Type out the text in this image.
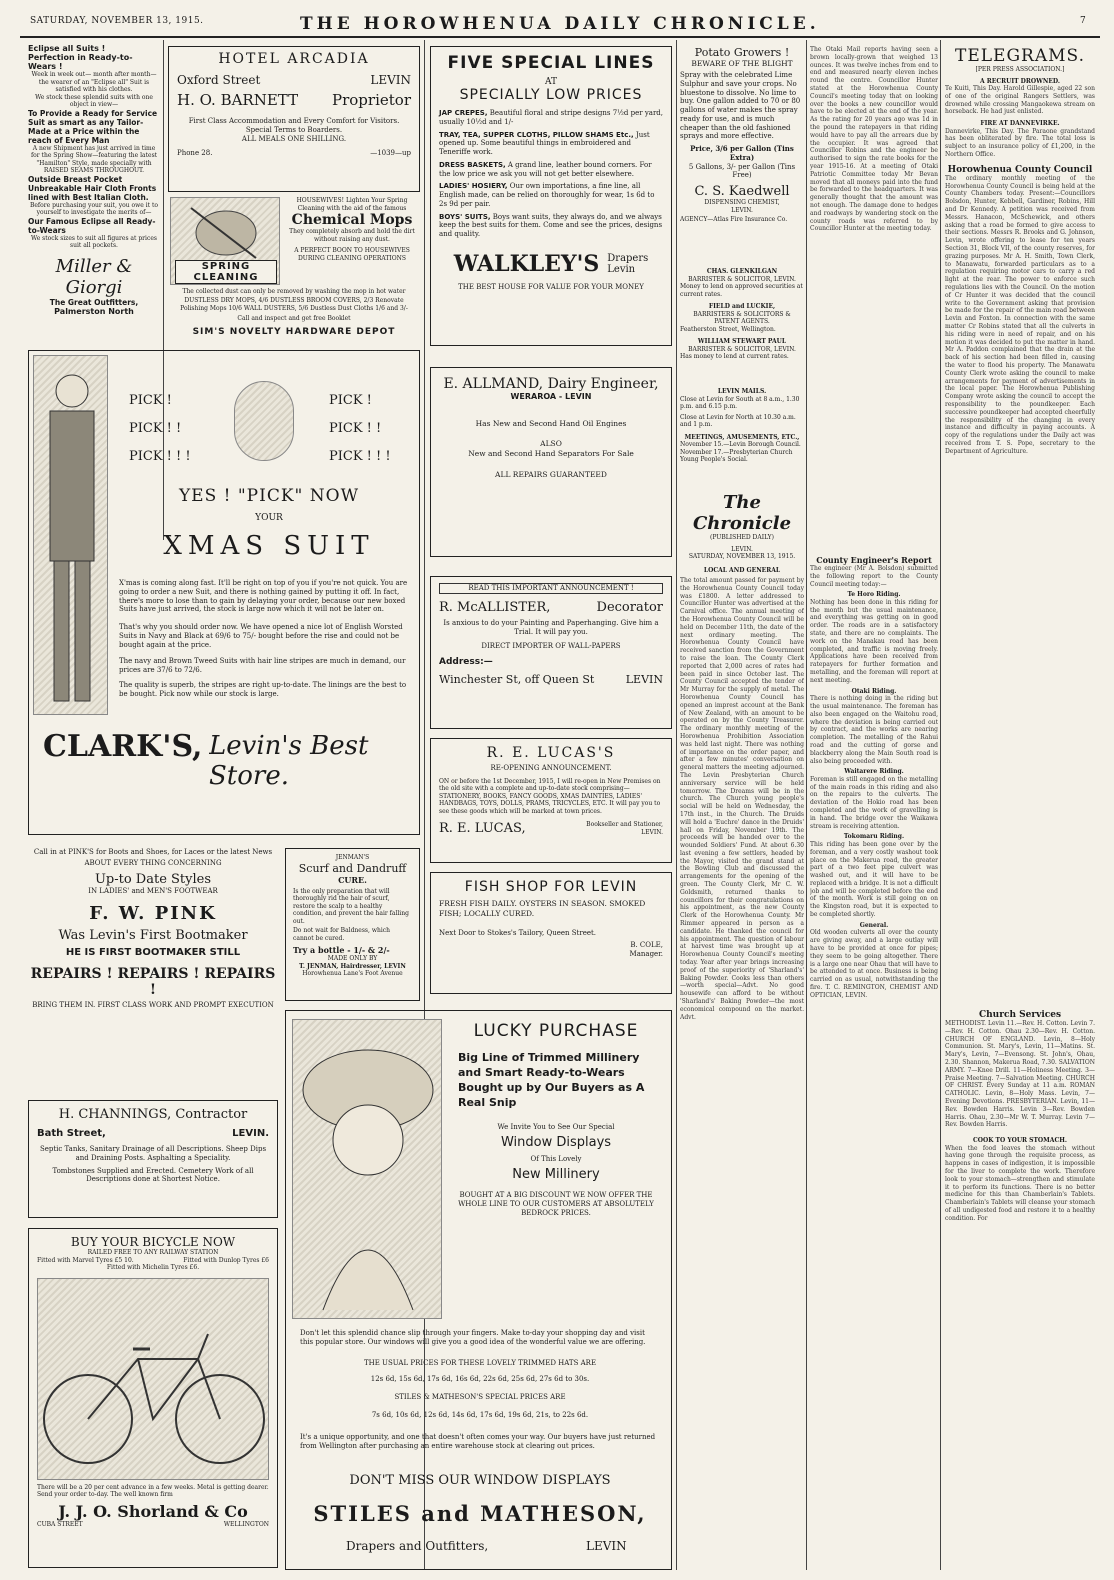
SATURDAY, NOVEMBER 13, 1915.	THE HOROWHENUA DAILY CHRONICLE.	7
Eclipse all Suits !
Perfection in Ready-to-Wears !
Week in week out— month after month—the wearer of an "Eclipse all" Suit is satisfied with his clothes.
We stock these splendid suits with one object in view—
To Provide a Ready for Service Suit as smart as any Tailor-Made at a Price within the reach of Every Man
A new Shipment has just arrived in time for the Spring Show—featuring the latest "Hamilton" Style, made specially with RAISED SEAMS THROUGHOUT.
Outside Breast Pocket Unbreakable Hair Cloth Fronts lined with Best Italian Cloth.
Before purchasing your suit, you owe it to yourself to investigate the merits of—
Our Famous Eclipse all Ready-to-Wears
We stock sizes to suit all figures at prices suit all pockets.
Miller & Giorgi
The Great Outfitters,
Palmerston North
HOTEL ARCADIA
Oxford Street	LEVIN
H. O. BARNETT Proprietor
First Class Accommodation and Every Comfort for Visitors. Special Terms to Boarders.
ALL MEALS ONE SHILLING.
Phone 28.	—1039—up
SPRING CLEANING
HOUSEWIVES! Lighten Your Spring Cleaning with the aid of the famous
Chemical Mops
They completely absorb and hold the dirt without raising any dust.
A PERFECT BOON TO HOUSEWIVES DURING CLEANING OPERATIONS
The collected dust can only be removed by washing the mop in hot water
DUSTLESS DRY MOPS, 4/6 DUSTLESS BROOM COVERS, 2/3 Renovate Polishing Mops 10/6 WALL DUSTERS, 5/6 Dustless Dust Cloths 1/6 and 3/-
Call and inspect and get free Booklet
SIM'S NOVELTY HARDWARE DEPOT
FIVE SPECIAL LINES
AT
SPECIALLY LOW PRICES
JAP CREPES, Beautiful floral and stripe designs 7½d per yard, usually 10½d and 1/-
TRAY, TEA, SUPPER CLOTHS, PILLOW SHAMS Etc., Just opened up. Some beautiful things in embroidered and Teneriffe work.
DRESS BASKETS, A grand line, leather bound corners. For the low price we ask you will not get better elsewhere.
LADIES' HOSIERY, Our own importations, a fine line, all English made, can be relied on thoroughly for wear, 1s 6d to 2s 9d per pair.
BOYS' SUITS, Boys want suits, they always do, and we always keep the best suits for them. Come and see the prices, designs and quality.
WALKLEY'S Drapers
Levin
THE BEST HOUSE FOR VALUE FOR YOUR MONEY
Potato Growers !
BEWARE OF THE BLIGHT
Spray with the celebrated Lime Sulphur and save your crops. No bluestone to dissolve. No lime to buy. One gallon added to 70 or 80 gallons of water makes the spray ready for use, and is much cheaper than the old fashioned sprays and more effective.
Price, 3/6 per Gallon (Tins Extra)
5 Gallons, 3/- per Gallon (Tins Free)
C. S. Kaedwell
DISPENSING CHEMIST,
LEVIN.
AGENCY—Atlas Fire Insurance Co.
CHAS. GLENKILGAN
BARRISTER & SOLICITOR, LEVIN.
Money to lend on approved securities at current rates.
FIELD and LUCKIE,
BARRISTERS & SOLICITORS & PATENT AGENTS.
Featherston Street, Wellington.
WILLIAM STEWART PAUL
BARRISTER & SOLICITOR, LEVIN.
Has money to lend at current rates.
LEVIN MAILS.
Close at Levin for South at 8 a.m., 1.30 p.m. and 6.15 p.m.
Close at Levin for North at 10.30 a.m. and 1 p.m.
MEETINGS, AMUSEMENTS, ETC.,
November 15.—Levin Borough Council. November 17.—Presbyterian Church Young People's Social.
The Chronicle
(PUBLISHED DAILY)
LEVIN.
SATURDAY, NOVEMBER 13, 1915.
LOCAL AND GENERAL
The total amount passed for payment by the Horowhenua County Council today was £1800. A letter addressed to Councillor Hunter was advertised at the Carnival office. The annual meeting of the Horowhenua County Council will be held on December 11th, the date of the next ordinary meeting. The Horowhenua County Council have received sanction from the Government to raise the loan. The County Clerk reported that 2,000 acres of rates had been paid in since October last. The County Council accepted the tender of Mr Murray for the supply of metal. The Horowhenua County Council has opened an imprest account at the Bank of New Zealand, with an amount to be operated on by the County Treasurer. The ordinary monthly meeting of the Horowhenua Prohibition Association was held last night. There was nothing of importance on the order paper, and after a few minutes' conversation on general matters the meeting adjourned. The Levin Presbyterian Church anniversary service will be held tomorrow. The Dreams will be in the church. The Church young people's social will be held on Wednesday, the 17th inst., in the Church. The Druids will hold a 'Euchre' dance in the Druids' hall on Friday, November 19th. The proceeds will be handed over to the wounded Soldiers' Fund. At about 6.30 last evening a few settlers, headed by the Mayor, visited the grand stand at the Bowling Club and discussed the arrangements for the opening of the green. The County Clerk, Mr C. W. Goldsmith, returned thanks to councillors for their congratulations on his appointment, as the new County Clerk of the Horowhenua County. Mr Rimmer appeared in person as a candidate. He thanked the council for his appointment. The question of labour at harvest time was brought up at Horowhenua County Council's meeting today. Year after year brings increasing proof of the superiority of 'Sharland's' Baking Powder. Cooks less than others—worth special—Advt. No good housewife can afford to be without 'Sharland's' Baking Powder—the most economical compound on the market. Advt.
The Otaki Mail reports having seen a brown locally-grown that weighed 13 ounces. It was twelve inches from end to end and measured nearly eleven inches round the centre. Councillor Hunter stated at the Horowhenua County Council's meeting today that on looking over the books a new councillor would have to be elected at the end of the year. As the rating for 20 years ago was 1d in the pound the ratepayers in that riding would have to pay all the arrears due by the occupier. It was agreed that Councillor Robins and the engineer be authorised to sign the rate books for the year 1915-16. At a meeting of Otaki Patriotic Committee today Mr Bevan moved that all moneys paid into the fund be forwarded to the headquarters. It was generally thought that the amount was not enough. The damage done to hedges and roadways by wandering stock on the county roads was referred to by Councillor Hunter at the meeting today.
County Engineer's Report
The engineer (Mr A. Bolsdon) submitted the following report to the County Council meeting today:—
Te Horo Riding.
Nothing has been done in this riding for the month but the usual maintenance, and everything was getting on in good order. The roads are in a satisfactory state, and there are no complaints. The work on the Manakau road has been completed, and traffic is moving freely. Applications have been received from ratepayers for further formation and metalling, and the foreman will report at next meeting.
Otaki Riding.
There is nothing doing in the riding but the usual maintenance. The foreman has also been engaged on the Waitohu road, where the deviation is being carried out by contract, and the works are nearing completion. The metalling of the Rahui road and the cutting of gorse and blackberry along the Main South road is also being proceeded with.
Waitarere Riding.
Foreman is still engaged on the metalling of the main roads in this riding and also on the repairs to the culverts. The deviation of the Hokio road has been completed and the work of gravelling is in hand. The bridge over the Waikawa stream is receiving attention.
Tokomaru Riding.
This riding has been gone over by the foreman, and a very costly washout took place on the Makerua road, the greater part of a two feet pipe culvert was washed out, and it will have to be replaced with a bridge. It is not a difficult job and will be completed before the end of the month. Work is still going on on the Kingston road, but it is expected to be completed shortly.
General.
Old wooden culverts all over the county are giving away, and a large outlay will have to be provided at once for pipes; they seem to be going altogether. There is a large one near Ohau that will have to be attended to at once. Business is being carried on as usual, notwithstanding the fire. T. C. REMINGTON, CHEMIST AND OPTICIAN, LEVIN.
TELEGRAMS.
[PER PRESS ASSOCIATION.]
A RECRUIT DROWNED.
Te Kuiti, This Day. Harold Gillespie, aged 22 son of one of the original Rangers Settlers, was drowned while crossing Mangaokewa stream on horseback. He had just enlisted.
FIRE AT DANNEVIRKE.
Dannevirke, This Day. The Paraone grandstand has been obliterated by fire. The total loss is subject to an insurance policy of £1,200, in the Northern Office.
Horowhenua County Council
The ordinary monthly meeting of the Horowhenua County Council is being held at the County Chambers today. Present:—Councillors Bolsdon, Hunter, Kebbell, Gardiner, Robins, Hill and Dr Kennedy. A petition was received from Messrs. Hanacon, McSchewick, and others asking that a road be formed to give access to their sections. Messrs R. Brooks and G. Johnson, Levin, wrote offering to lease for ten years Section 31, Block VII, of the county reserves, for grazing purposes. Mr A. H. Smith, Town Clerk, to Manawatu, forwarded particulars as to a regulation requiring motor cars to carry a red light at the rear. The power to enforce such regulations lies with the Council. On the motion of Cr Hunter it was decided that the council write to the Government asking that provision be made for the repair of the main road between Levin and Foxton. In connection with the same matter Cr Robins stated that all the culverts in his riding were in need of repair, and on his motion it was decided to put the matter in hand. Mr A. Paddon complained that the drain at the back of his section had been filled in, causing the water to flood his property. The Manawatu County Clerk wrote asking the council to make arrangements for payment of advertisements in the local paper. The Horowhenua Publishing Company wrote asking the council to accept the responsibility to the poundkeeper. Each successive poundkeeper had accepted cheerfully the responsibility of the changing in every instance and difficulty in paying accounts. A copy of the regulations under the Daily act was received from T. S. Pope, secretary to the Department of Agriculture.
Church Services
METHODIST. Levin 11.—Rev. H. Cotton. Levin 7.—Rev. H. Cotton. Ohau 2.30—Rev. H. Cotton. CHURCH OF ENGLAND. Levin, 8—Holy Communion. St. Mary's, Levin, 11—Matins. St. Mary's, Levin, 7—Evensong. St. John's, Ohau, 2.30. Shannon, Makerua Road, 7.30. SALVATION ARMY. 7—Knee Drill. 11—Holiness Meeting. 3—Praise Meeting. 7—Salvation Meeting. CHURCH OF CHRIST. Every Sunday at 11 a.m. ROMAN CATHOLIC. Levin, 8—Holy Mass. Levin, 7—Evening Devotions. PRESBYTERIAN. Levin, 11—Rev. Bowden Harris. Levin 3—Rev. Bowden Harris. Ohau, 2.30—Mr W. T. Murray. Levin 7—Rev. Bowden Harris.
COOK TO YOUR STOMACH.
When the food leaves the stomach without having gone through the requisite process, as happens in cases of indigestion, it is impossible for the liver to complete the work. Therefore look to your stomach—strengthen and stimulate it to perform its functions. There is no better medicine for this than Chamberlain's Tablets. Chamberlain's Tablets will cleanse your stomach of all undigested food and restore it to a healthy condition. For
PICK !
PICK ! !
PICK ! ! !
PICK !
PICK ! !
PICK ! ! !
YES ! "PICK" NOW
YOUR
XMAS SUIT
X'mas is coming along fast. It'll be right on top of you if you're not quick. You are going to order a new Suit, and there is nothing gained by putting it off. In fact, there's more to lose than to gain by delaying your order, because our new boxed Suits have just arrived, the stock is large now which it will not be later on.
That's why you should order now. We have opened a nice lot of English Worsted Suits in Navy and Black at 69/6 to 75/- bought before the rise and could not be bought again at the price.
The navy and Brown Tweed Suits with hair line stripes are much in demand, our prices are 37/6 to 72/6.
The quality is superb, the stripes are right up-to-date. The linings are the best to be bought. Pick now while our stock is large.
CLARK'S, Levin's Best Store.
E. ALLMAND, Dairy Engineer,
WERAROA - LEVIN
Has New and Second Hand Oil Engines
ALSO
New and Second Hand Separators For Sale
ALL REPAIRS GUARANTEED
READ THIS IMPORTANT ANNOUNCEMENT !
R. McALLISTER,	Decorator
Is anxious to do your Painting and Paperhanging. Give him a Trial. It will pay you.
DIRECT IMPORTER OF WALL-PAPERS
Address:—
Winchester St, off Queen St	LEVIN
R. E. LUCAS'S
RE-OPENING ANNOUNCEMENT.
ON or before the 1st December, 1915, I will re-open in New Premises on the old site with a complete and up-to-date stock comprising—STATIONERY, BOOKS, FANCY GOODS, XMAS DAINTIES, LADIES' HANDBAGS, TOYS, DOLLS, PRAMS, TRICYCLES, ETC. It will pay you to see these goods which will be marked at town prices.
R. E. LUCAS,	Bookseller and Stationer, LEVIN.
FISH SHOP FOR LEVIN
FRESH FISH DAILY. OYSTERS IN SEASON. SMOKED FISH; LOCALLY CURED.
Next Door to Stokes's Tailory, Queen Street.
B. COLE,
Manager.
Call in at PINK'S for Boots and Shoes, for Laces or the latest News
ABOUT EVERY THING CONCERNING
Up-to Date Styles
IN LADIES' and MEN'S FOOTWEAR
F. W. PINK
Was Levin's First Bootmaker
HE IS FIRST BOOTMAKER STILL
REPAIRS ! REPAIRS ! REPAIRS !
BRING THEM IN. FIRST CLASS WORK AND PROMPT EXECUTION
JENMAN'S
Scurf and Dandruff
CURE.
Is the only preparation that will thoroughly rid the hair of scurf, restore the scalp to a healthy condition, and prevent the hair falling out.
Do not wait for Baldness, which cannot be cured.
Try a bottle - 1/- & 2/-
MADE ONLY BY
T. JENMAN, Hairdresser, LEVIN
Horowhenua Lane's Foot Avenue
H. CHANNINGS, Contractor
Bath Street,	LEVIN.
Septic Tanks, Sanitary Drainage of all Descriptions. Sheep Dips and Draining Posts. Asphalting a Speciality.
Tombstones Supplied and Erected. Cemetery Work of all Descriptions done at Shortest Notice.
BUY YOUR BICYCLE NOW
RAILED FREE TO ANY RAILWAY STATION
Fitted with Marvel Tyres £5 10.	Fitted with Dunlop Tyres £6
Fitted with Michelin Tyres £6.
There will be a 20 per cent advance in a few weeks. Metal is getting dearer. Send your order to-day. The well known firm
J. J. O. Shorland & Co
CUBA STREET	WELLINGTON
LUCKY PURCHASE
Big Line of Trimmed Millinery and Smart Ready-to-Wears Bought up by Our Buyers as A Real Snip
We Invite You to See Our Special
Window Displays
Of This Lovely
New Millinery
BOUGHT AT A BIG DISCOUNT WE NOW OFFER THE WHOLE LINE TO OUR CUSTOMERS AT ABSOLUTELY BEDROCK PRICES.
Don't let this splendid chance slip through your fingers. Make to-day your shopping day and visit this popular store. Our windows will give you a good idea of the wonderful value we are offering.
THE USUAL PRICES FOR THESE LOVELY TRIMMED HATS ARE
12s 6d, 15s 6d, 17s 6d, 16s 6d, 22s 6d, 25s 6d, 27s 6d to 30s.
STILES & MATHESON'S SPECIAL PRICES ARE
7s 6d, 10s 6d, 12s 6d, 14s 6d, 17s 6d, 19s 6d, 21s, to 22s 6d.
It's a unique opportunity, and one that doesn't often comes your way. Our buyers have just returned from Wellington after purchasing an entire warehouse stock at clearing out prices.
DON'T MISS OUR WINDOW DISPLAYS
STILES and MATHESON,
Drapers and Outfitters,	LEVIN
